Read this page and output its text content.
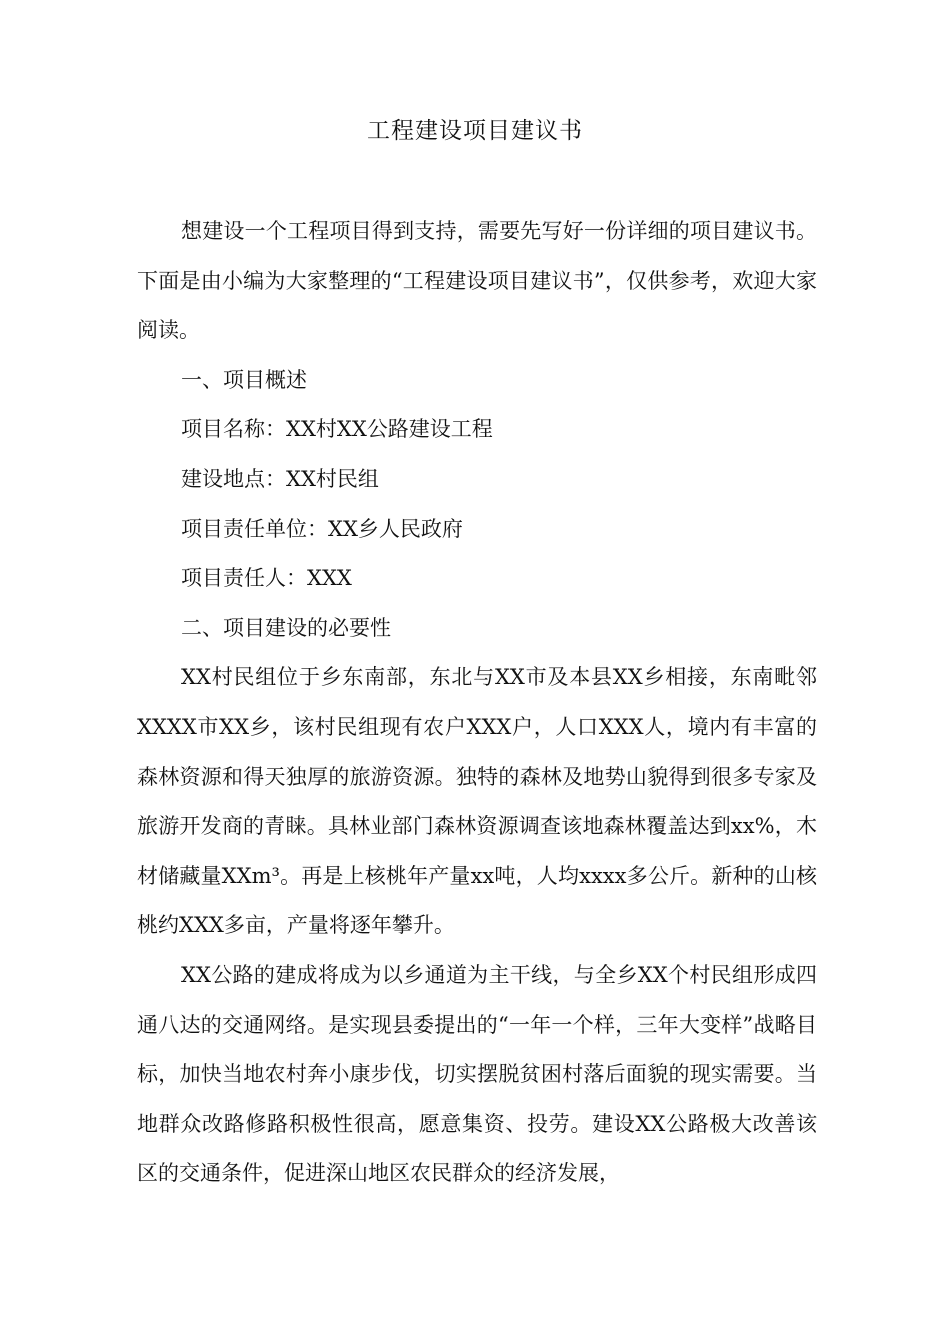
工程建设项目建议书

想建设一个工程项目得到支持，需要先写好一份详细的项目建议书。下面是由小编为大家整理的“工程建设项目建议书”，仅供参考，欢迎大家阅读。

一、项目概述

项目名称：XX村XX公路建设工程

建设地点：XX村民组

项目责任单位：XX乡人民政府

项目责任人：XXX

二、项目建设的必要性

XX村民组位于乡东南部，东北与XX市及本县XX乡相接，东南毗邻XXXX市XX乡，该村民组现有农户XXX户，人口XXX人，境内有丰富的森林资源和得天独厚的旅游资源。独特的森林及地势山貌得到很多专家及旅游开发商的青睐。具林业部门森林资源调查该地森林覆盖达到xx%，木材储藏量XXm³。再是上核桃年产量xx吨，人均xxxx多公斤。新种的山核桃约XXX多亩，产量将逐年攀升。

XX公路的建成将成为以乡通道为主干线，与全乡XX个村民组形成四通八达的交通网络。是实现县委提出的“一年一个样，三年大变样”战略目标，加快当地农村奔小康步伐，切实摆脱贫困村落后面貌的现实需要。当地群众改路修路积极性很高，愿意集资、投劳。建设XX公路极大改善该区的交通条件，促进深山地区农民群众的经济发展，
